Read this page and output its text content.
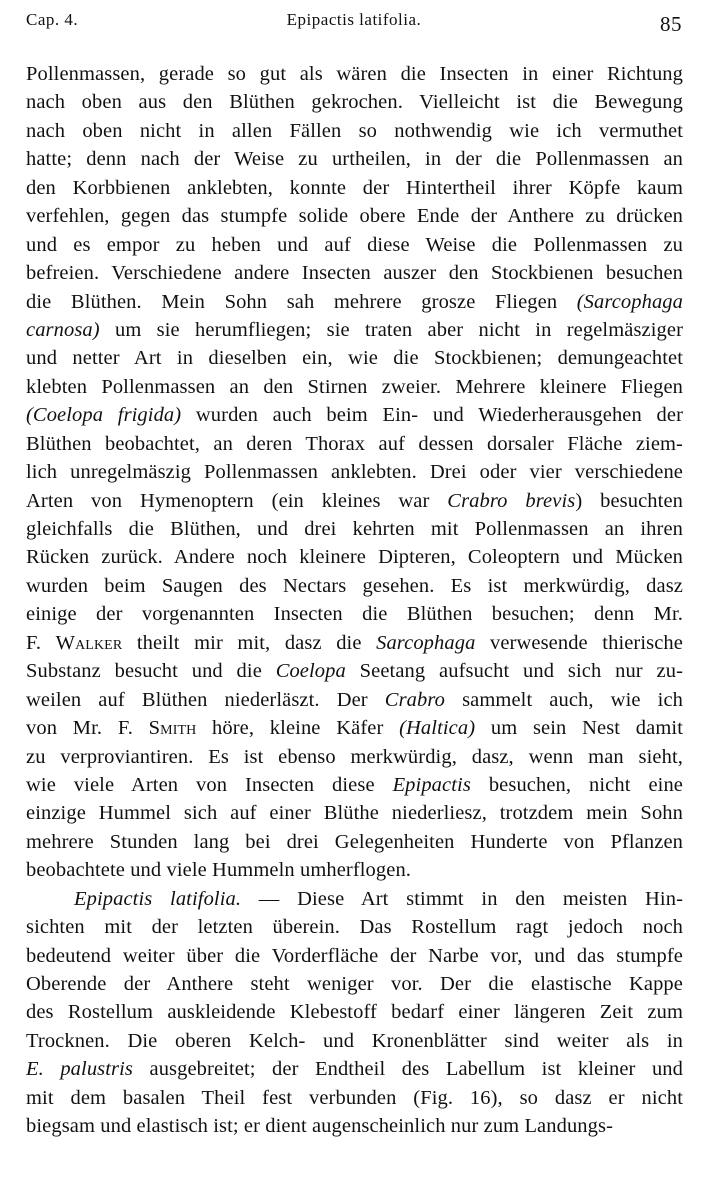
Cap. 4.	Epipactis latifolia.	85
Pollenmassen, gerade so gut als wären die Insecten in einer Richtung
nach oben aus den Blüthen gekrochen. Vielleicht ist die Bewegung
nach oben nicht in allen Fällen so nothwendig wie ich vermuthet
hatte; denn nach der Weise zu urtheilen, in der die Pollenmassen an
den Korbbienen anklebten, konnte der Hintertheil ihrer Köpfe kaum
verfehlen, gegen das stumpfe solide obere Ende der Anthere zu drücken
und es empor zu heben und auf diese Weise die Pollenmassen zu
befreien. Verschiedene andere Insecten auszer den Stockbienen besuchen
die Blüthen. Mein Sohn sah mehrere grosze Fliegen (Sarcophaga
carnosa) um sie herumfliegen; sie traten aber nicht in regelmäsziger
und netter Art in dieselben ein, wie die Stockbienen; demungeachtet
klebten Pollenmassen an den Stirnen zweier. Mehrere kleinere Fliegen
(Coelopa frigida) wurden auch beim Ein- und Wiederherausgehen der
Blüthen beobachtet, an deren Thorax auf dessen dorsaler Fläche ziem-
lich unregelmäszig Pollenmassen anklebten. Drei oder vier verschiedene
Arten von Hymenoptern (ein kleines war Crabro brevis) besuchten
gleichfalls die Blüthen, und drei kehrten mit Pollenmassen an ihren
Rücken zurück. Andere noch kleinere Dipteren, Coleoptern und Mücken
wurden beim Saugen des Nectars gesehen. Es ist merkwürdig, dasz
einige der vorgenannten Insecten die Blüthen besuchen; denn Mr.
F. Walker theilt mir mit, dasz die Sarcophaga verwesende thierische
Substanz besucht und die Coelopa Seetang aufsucht und sich nur zu-
weilen auf Blüthen niederläszt. Der Crabro sammelt auch, wie ich
von Mr. F. Smith höre, kleine Käfer (Haltica) um sein Nest damit
zu verproviantiren. Es ist ebenso merkwürdig, dasz, wenn man sieht,
wie viele Arten von Insecten diese Epipactis besuchen, nicht eine
einzige Hummel sich auf einer Blüthe niederliesz, trotzdem mein Sohn
mehrere Stunden lang bei drei Gelegenheiten Hunderte von Pflanzen
beobachtete und viele Hummeln umherflogen.
Epipactis latifolia. — Diese Art stimmt in den meisten Hin-
sichten mit der letzten überein. Das Rostellum ragt jedoch noch
bedeutend weiter über die Vorderfläche der Narbe vor, und das stumpfe
Oberende der Anthere steht weniger vor. Der die elastische Kappe
des Rostellum auskleidende Klebestoff bedarf einer längeren Zeit zum
Trocknen. Die oberen Kelch- und Kronenblätter sind weiter als in
E. palustris ausgebreitet; der Endtheil des Labellum ist kleiner und
mit dem basalen Theil fest verbunden (Fig. 16), so dasz er nicht
biegsam und elastisch ist; er dient augenscheinlich nur zum Landungs-
